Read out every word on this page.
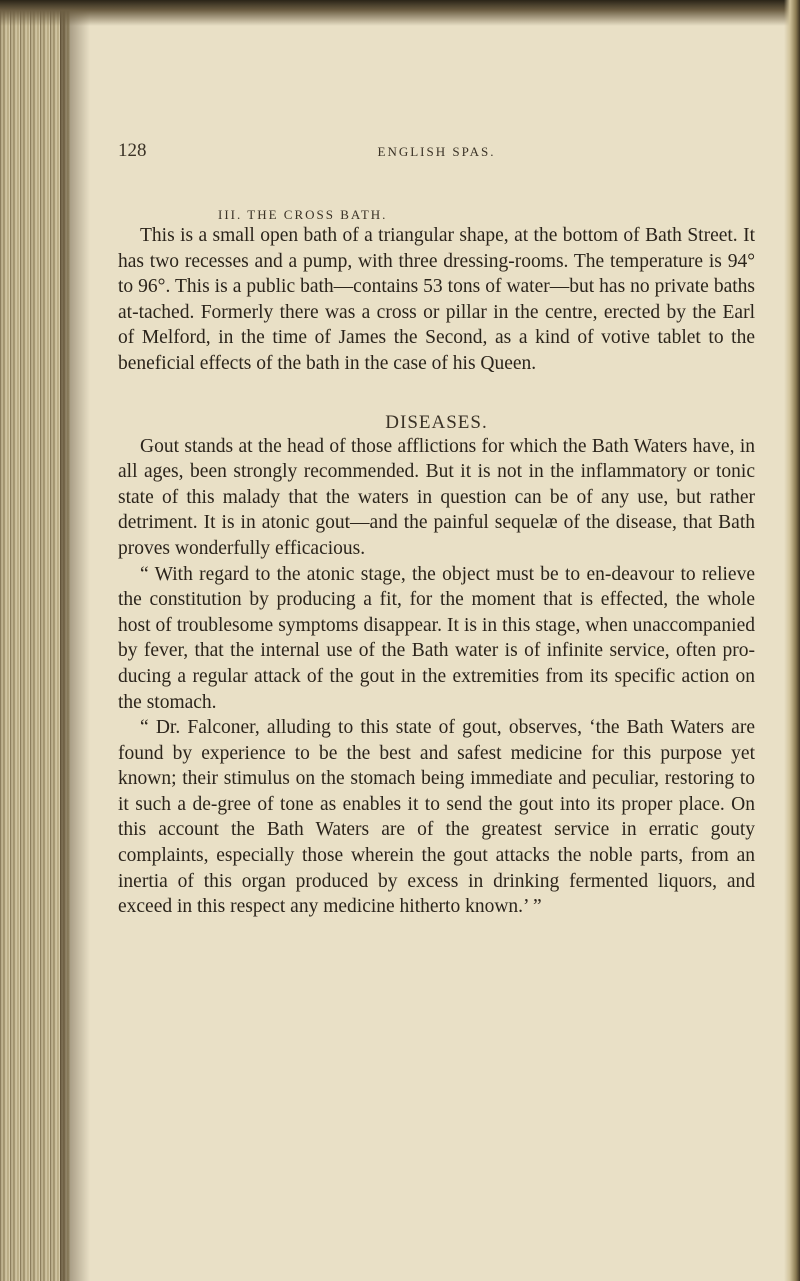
128	ENGLISH SPAS.
III. THE CROSS BATH.

This is a small open bath of a triangular shape, at the bottom of Bath Street. It has two recesses and a pump, with three dressing-rooms. The temperature is 94° to 96°. This is a public bath—contains 53 tons of water—but has no private baths at-tached. Formerly there was a cross or pillar in the centre, erected by the Earl of Melford, in the time of James the Second, as a kind of votive tablet to the beneficial effects of the bath in the case of his Queen.

DISEASES.

Gout stands at the head of those afflictions for which the Bath Waters have, in all ages, been strongly recommended. But it is not in the inflammatory or tonic state of this malady that the waters in question can be of any use, but rather detriment. It is in atonic gout—and the painful sequelæ of the disease, that Bath proves wonderfully efficacious.

“ With regard to the atonic stage, the object must be to en-deavour to relieve the constitution by producing a fit, for the moment that is effected, the whole host of troublesome symptoms disappear. It is in this stage, when unaccompanied by fever, that the internal use of the Bath water is of infinite service, often pro-ducing a regular attack of the gout in the extremities from its specific action on the stomach.

“ Dr. Falconer, alluding to this state of gout, observes, ‘the Bath Waters are found by experience to be the best and safest medicine for this purpose yet known; their stimulus on the stomach being immediate and peculiar, restoring to it such a de-gree of tone as enables it to send the gout into its proper place. On this account the Bath Waters are of the greatest service in erratic gouty complaints, especially those wherein the gout attacks the noble parts, from an inertia of this organ produced by excess in drinking fermented liquors, and exceed in this respect any medicine hitherto known.’ ”
